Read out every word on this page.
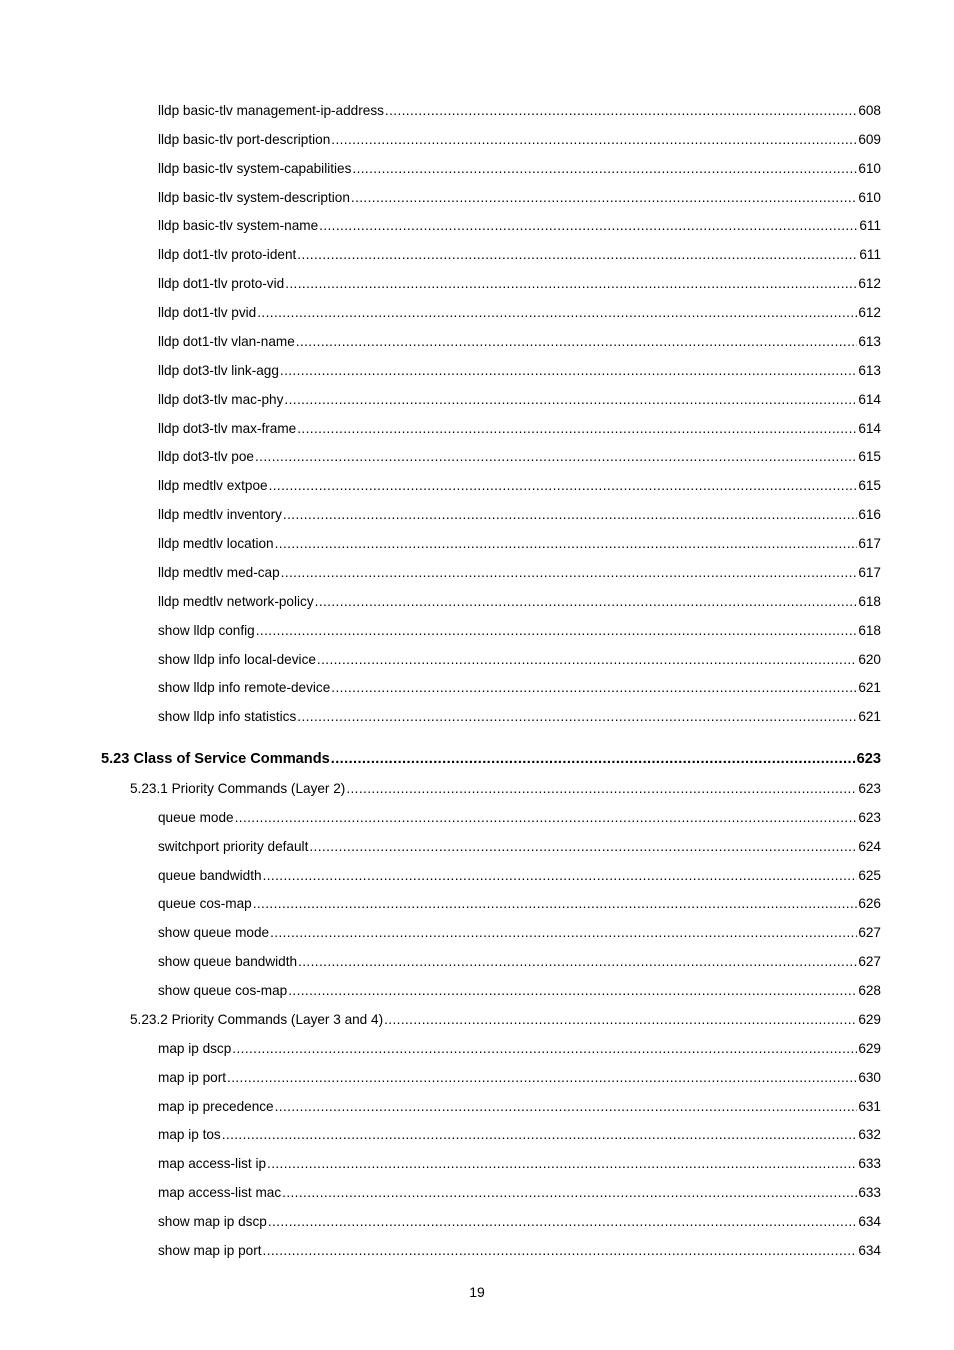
lldp basic-tlv management-ip-address .....	608
lldp basic-tlv port-description .....	609
lldp basic-tlv system-capabilities .....	610
lldp basic-tlv system-description .....	610
lldp basic-tlv system-name .....	611
lldp dot1-tlv proto-ident .....	611
lldp dot1-tlv proto-vid .....	612
lldp dot1-tlv pvid .....	612
lldp dot1-tlv vlan-name .....	613
lldp dot3-tlv link-agg .....	613
lldp dot3-tlv mac-phy .....	614
lldp dot3-tlv max-frame .....	614
lldp dot3-tlv poe .....	615
lldp medtlv extpoe .....	615
lldp medtlv inventory .....	616
lldp medtlv location .....	617
lldp medtlv med-cap .....	617
lldp medtlv network-policy .....	618
show lldp config .....	618
show lldp info local-device .....	620
show lldp info remote-device .....	621
show lldp info statistics .....	621
5.23 Class of Service Commands .....	623
5.23.1 Priority Commands (Layer 2) .....	623
queue mode .....	623
switchport priority default .....	624
queue bandwidth .....	625
queue cos-map .....	626
show queue mode .....	627
show queue bandwidth .....	627
show queue cos-map .....	628
5.23.2 Priority Commands (Layer 3 and 4) .....	629
map ip dscp .....	629
map ip port .....	630
map ip precedence .....	631
map ip tos .....	632
map access-list ip .....	633
map access-list mac .....	633
show map ip dscp .....	634
show map ip port .....	634
19
